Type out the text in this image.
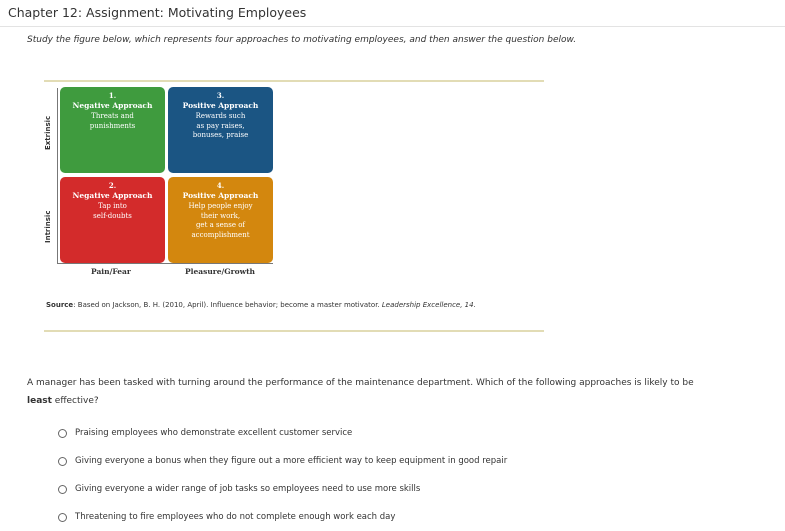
Chapter 12: Assignment: Motivating Employees
Study the figure below, which represents four approaches to motivating employees, and then answer the question below.
Extrinsic
Intrinsic
1.
Negative Approach
Threats and
punishments
3.
Positive Approach
Rewards such
as pay raises,
bonuses, praise
2.
Negative Approach
Tap into
self-doubts
4.
Positive Approach
Help people enjoy
their work,
get a sense of
accomplishment
Pain/Fear	Pleasure/Growth
Source: Based on Jackson, B. H. (2010, April). Influence behavior; become a master motivator. Leadership Excellence, 14.
A manager has been tasked with turning around the performance of the maintenance department. Which of the following approaches is likely to be
least effective?
Praising employees who demonstrate excellent customer service
Giving everyone a bonus when they figure out a more efficient way to keep equipment in good repair
Giving everyone a wider range of job tasks so employees need to use more skills
Threatening to fire employees who do not complete enough work each day
